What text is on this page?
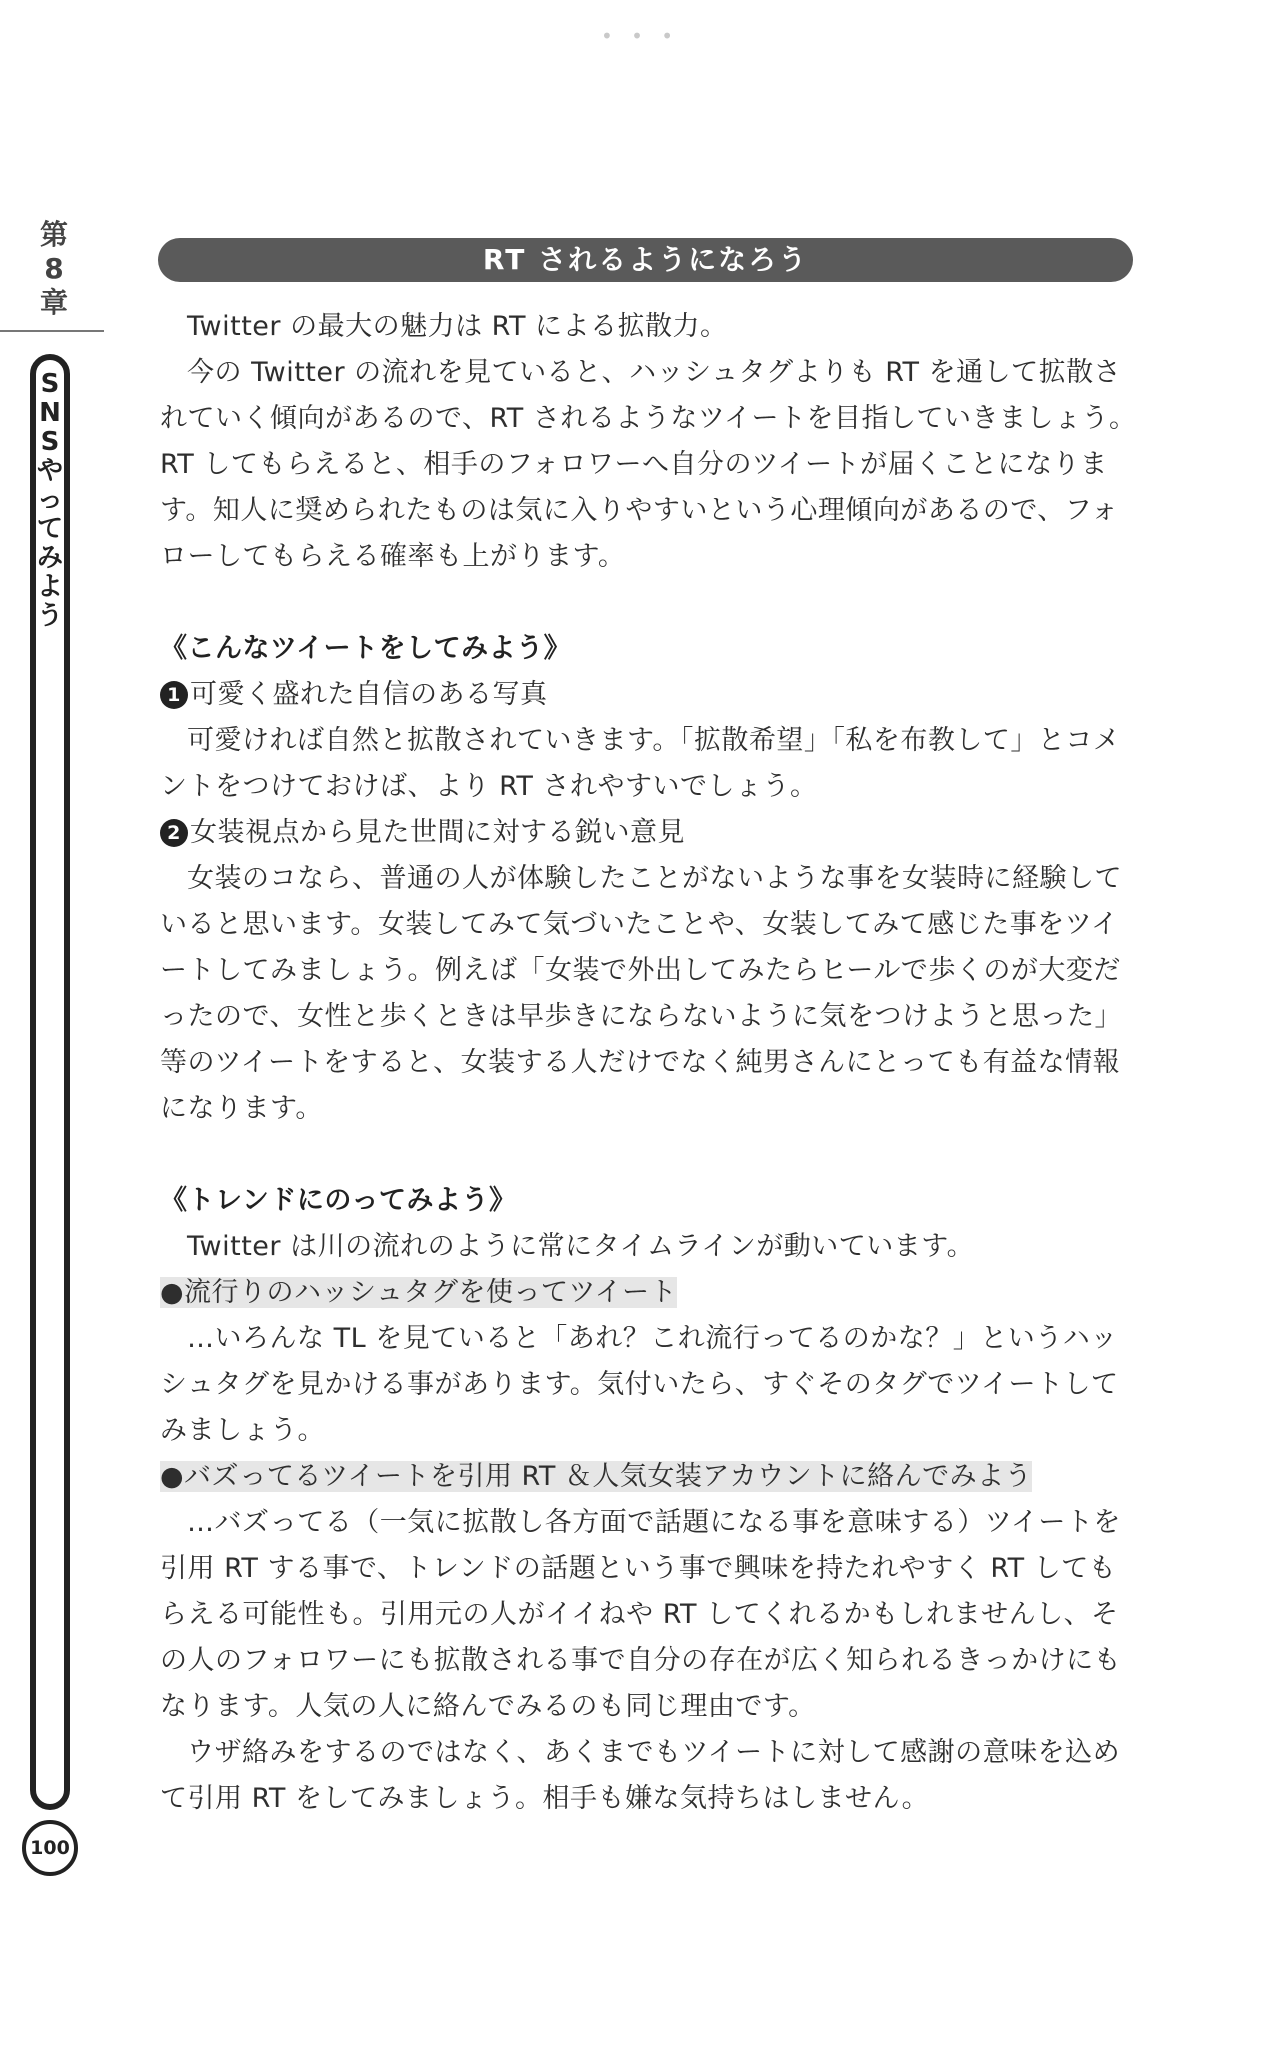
• • •
第
8
章
SNSやってみよう
100
RT されるようになろう

Twitter の最大の魅力は RT による拡散力。

今の Twitter の流れを見ていると、ハッシュタグよりも RT を通して拡散されていく傾向があるので、RT されるようなツイートを目指していきましょう。RT してもらえると、相手のフォロワーへ自分のツイートが届くことになります。知人に奨められたものは気に入りやすいという心理傾向があるので、フォローしてもらえる確率も上がります。

《こんなツイートをしてみよう》

1 可愛く盛れた自信のある写真

可愛ければ自然と拡散されていきます。「拡散希望」「私を布教して」とコメントをつけておけば、より RT されやすいでしょう。

2 女装視点から見た世間に対する鋭い意見

女装のコなら、普通の人が体験したことがないような事を女装時に経験していると思います。女装してみて気づいたことや、女装してみて感じた事をツイートしてみましょう。例えば「女装で外出してみたらヒールで歩くのが大変だったので、女性と歩くときは早歩きにならないように気をつけようと思った」等のツイートをすると、女装する人だけでなく純男さんにとっても有益な情報になります。

《トレンドにのってみよう》

Twitter は川の流れのように常にタイムラインが動いています。

●流行りのハッシュタグを使ってツイート

…いろんな TL を見ていると「あれ？これ流行ってるのかな？」というハッシュタグを見かける事があります。気付いたら、すぐそのタグでツイートしてみましょう。

●バズってるツイートを引用 RT ＆人気女装アカウントに絡んでみよう

…バズってる（一気に拡散し各方面で話題になる事を意味する）ツイートを引用 RT する事で、トレンドの話題という事で興味を持たれやすく RT してもらえる可能性も。引用元の人がイイねや RT してくれるかもしれませんし、その人のフォロワーにも拡散される事で自分の存在が広く知られるきっかけにもなります。人気の人に絡んでみるのも同じ理由です。

ウザ絡みをするのではなく、あくまでもツイートに対して感謝の意味を込めて引用 RT をしてみましょう。相手も嫌な気持ちはしません。
